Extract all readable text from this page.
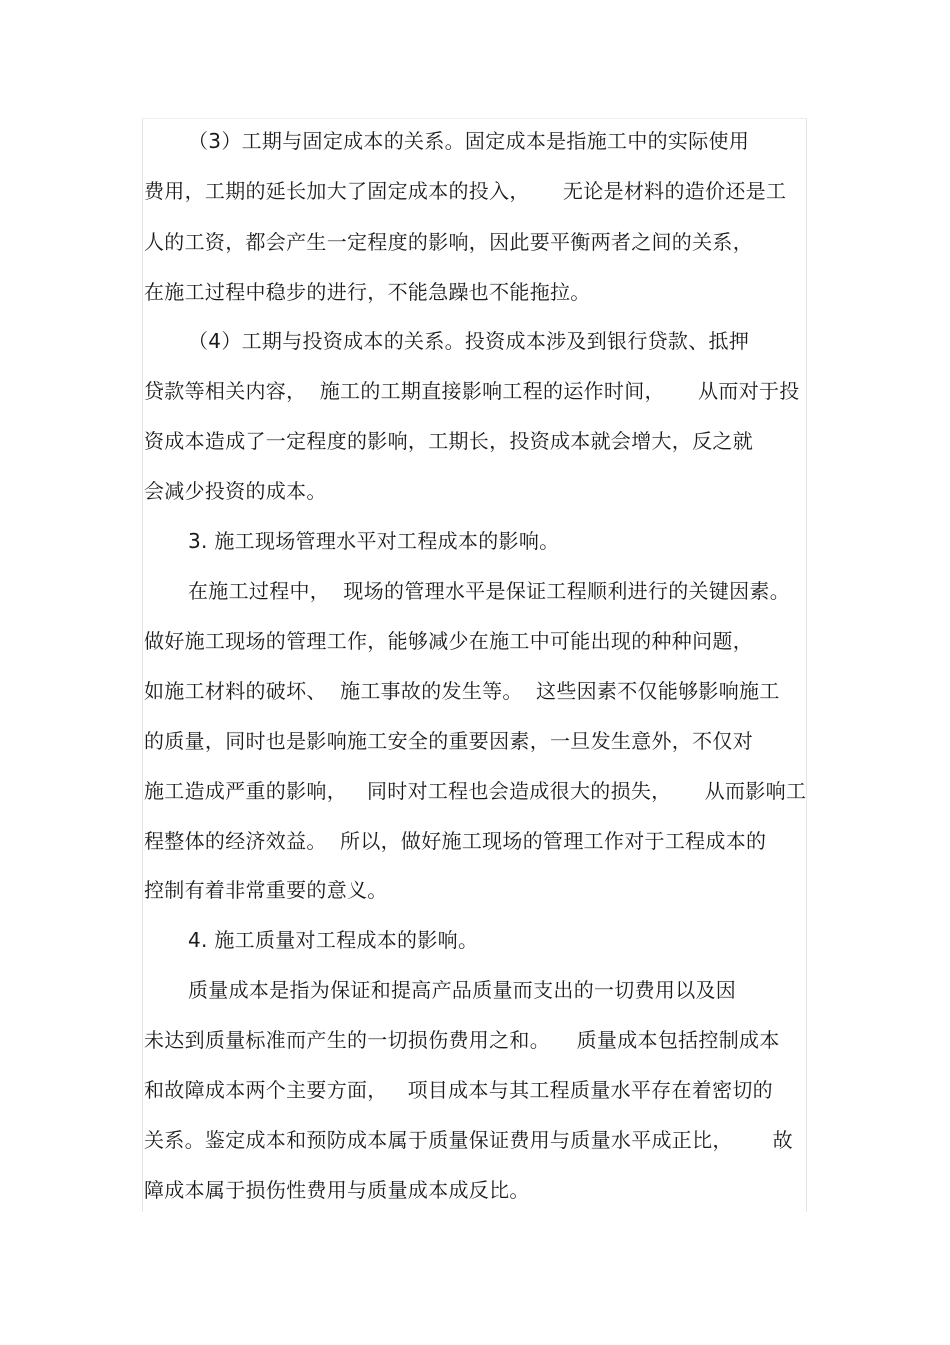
（3）工期与固定成本的关系。固定成本是指施工中的实际使用
费用，工期的延长加大了固定成本的投入，     无论是材料的造价还是工
人的工资，都会产生一定程度的影响，因此要平衡两者之间的关系，
在施工过程中稳步的进行，不能急躁也不能拖拉。
（4）工期与投资成本的关系。投资成本涉及到银行贷款、抵押
贷款等相关内容，  施工的工期直接影响工程的运作时间，     从而对于投
资成本造成了一定程度的影响，工期长，投资成本就会增大，反之就
会减少投资的成本。
3. 施工现场管理水平对工程成本的影响。
在施工过程中，  现场的管理水平是保证工程顺利进行的关键因素。
做好施工现场的管理工作，能够减少在施工中可能出现的种种问题，
如施工材料的破坏、  施工事故的发生等。  这些因素不仅能够影响施工
的质量，同时也是影响施工安全的重要因素，一旦发生意外，不仅对
施工造成严重的影响，   同时对工程也会造成很大的损失，     从而影响工
程整体的经济效益。  所以，做好施工现场的管理工作对于工程成本的
控制有着非常重要的意义。
4. 施工质量对工程成本的影响。
质量成本是指为保证和提高产品质量而支出的一切费用以及因
未达到质量标准而产生的一切损伤费用之和。    质量成本包括控制成本
和故障成本两个主要方面，   项目成本与其工程质量水平存在着密切的
关系。鉴定成本和预防成本属于质量保证费用与质量水平成正比，      故
障成本属于损伤性费用与质量成本成反比。
